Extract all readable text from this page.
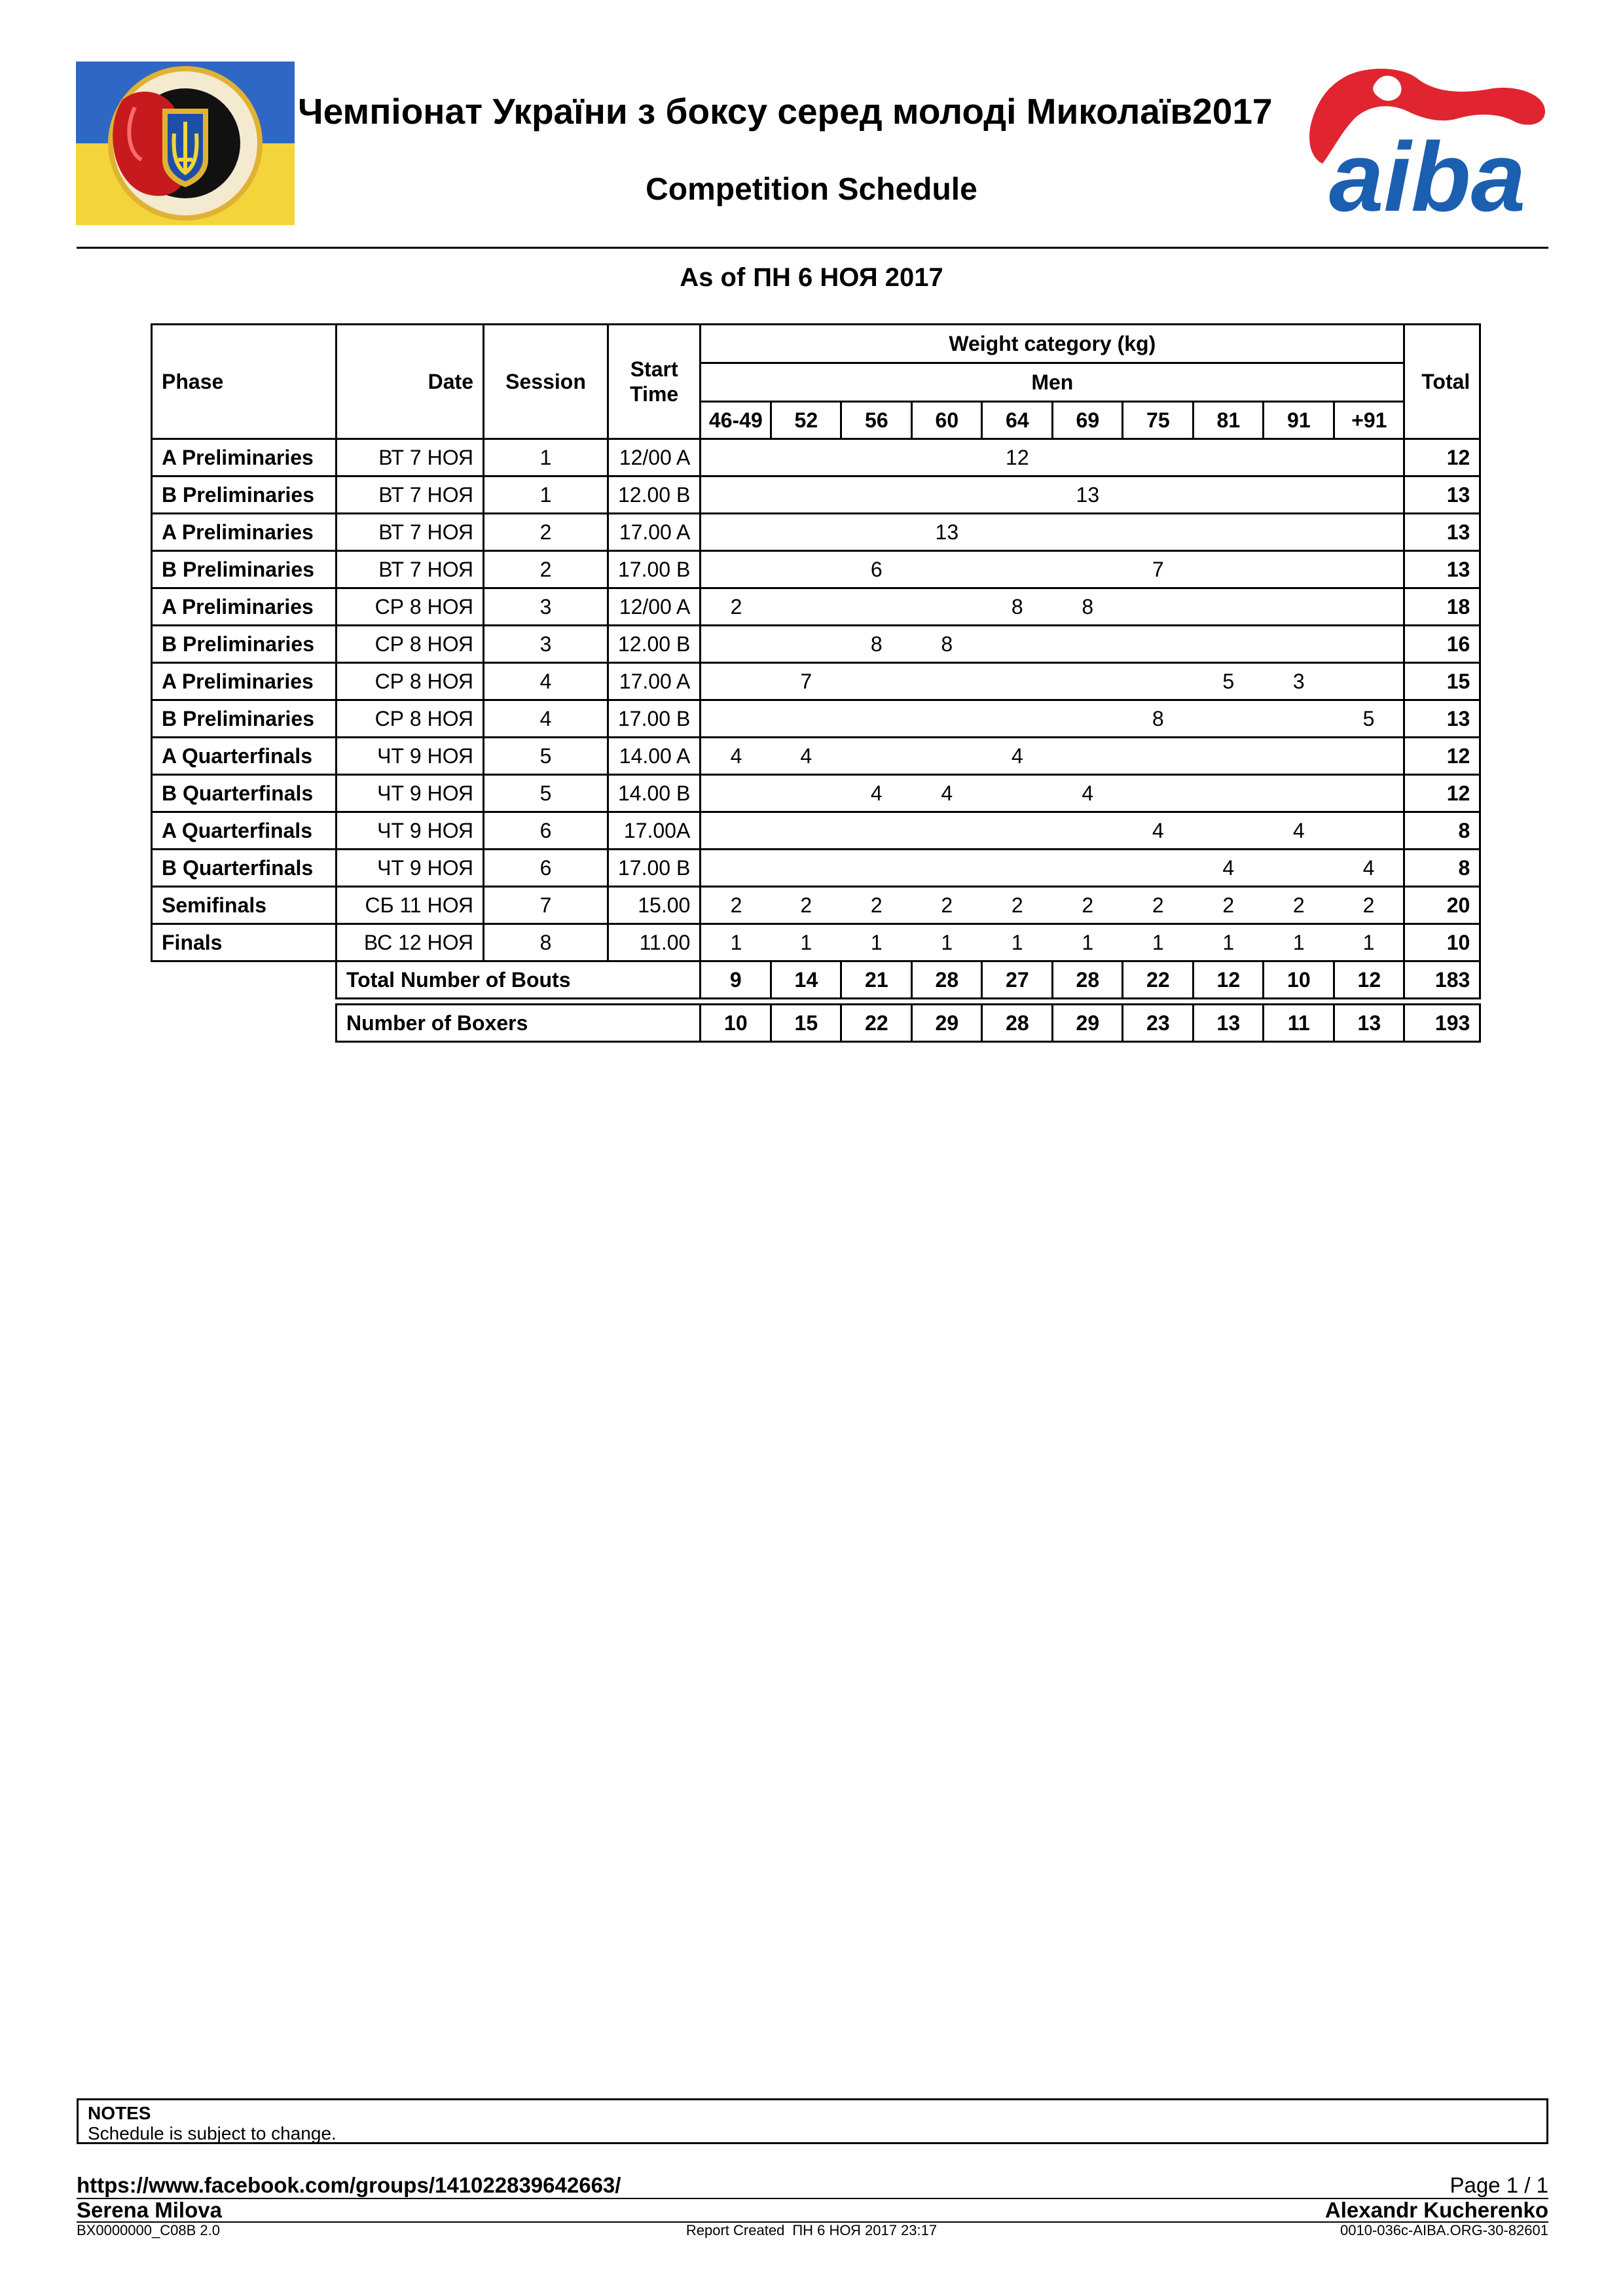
Чемпіонат України з боксу серед молоді Миколаїв2017
Competition Schedule	aiba
As of ПН 6 НОЯ 2017
Phase	Date	Session	Start Time	Weight category (kg)										Total
				Men										
				46-49	52	56	60	64	69	75	81	91	+91	
A Preliminaries	ВТ 7 НОЯ	1	12/00 A					12						12
B Preliminaries	ВТ 7 НОЯ	1	12.00 B						13					13
A Preliminaries	ВТ 7 НОЯ	2	17.00 A				13							13
B Preliminaries	ВТ 7 НОЯ	2	17.00 B			6				7				13
A Preliminaries	СР 8 НОЯ	3	12/00 A	2				8	8					18
B Preliminaries	СР 8 НОЯ	3	12.00 B			8	8							16
A Preliminaries	СР 8 НОЯ	4	17.00 A		7						5	3		15
B Preliminaries	СР 8 НОЯ	4	17.00 B							8			5	13
A Quarterfinals	ЧТ 9 НОЯ	5	14.00 A	4	4			4						12
B Quarterfinals	ЧТ 9 НОЯ	5	14.00 B			4	4		4					12
A Quarterfinals	ЧТ 9 НОЯ	6	17.00A							4		4		8
B Quarterfinals	ЧТ 9 НОЯ	6	17.00 B								4		4	8
Semifinals	СБ 11 НОЯ	7	15.00	2	2	2	2	2	2	2	2	2	2	20
Finals	ВС 12 НОЯ	8	11.00	1	1	1	1	1	1	1	1	1	1	10
	Total Number of Bouts			9	14	21	28	27	28	22	12	10	12	183

	Number of Boxers			10	15	22	29	28	29	23	13	11	13	193
NOTES
Schedule is subject to change.
https://www.facebook.com/groups/141022839642663/	Page 1 / 1
Serena Milova	Alexandr Kucherenko
BX0000000_C08B 2.0	Report Created ПН 6 НОЯ 2017 23:17	0010-036c-AIBA.ORG-30-82601
